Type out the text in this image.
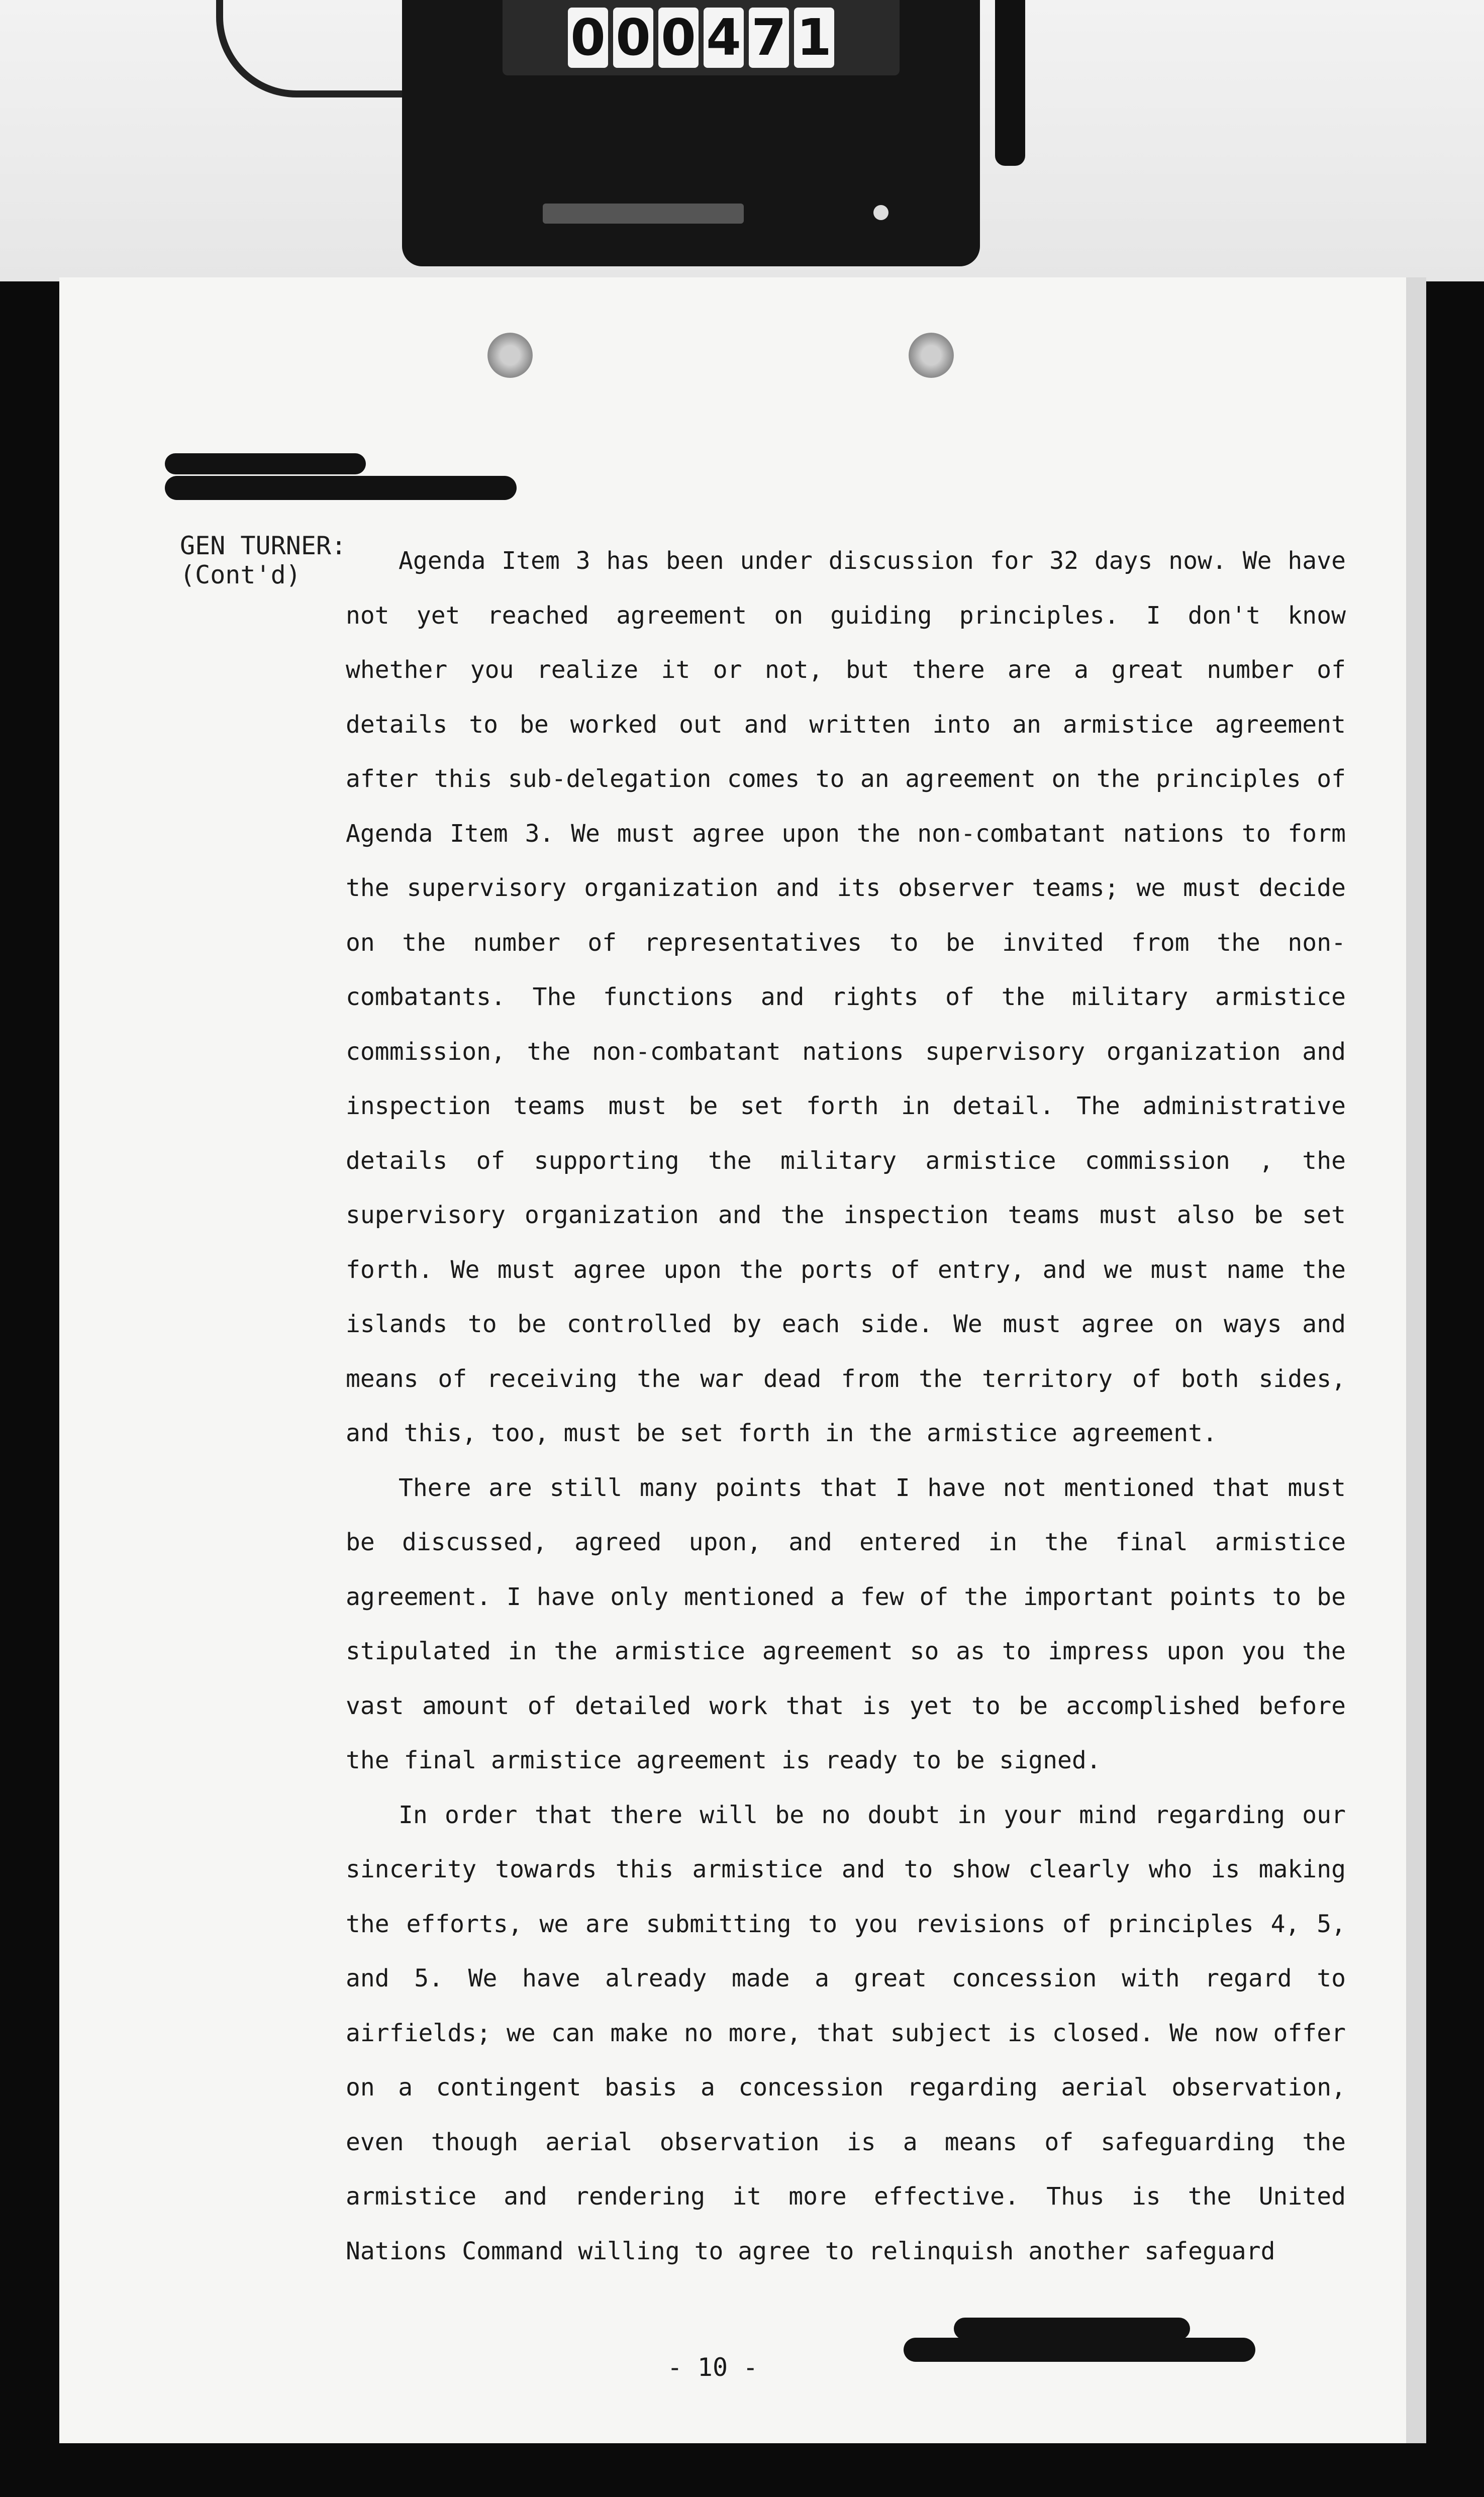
0 0 0 4 7 1
GEN TURNER:
(Cont'd)	Agenda Item 3 has been under discussion for 32 days now. We have not yet reached agreement on guiding principles. I don't know whether you realize it or not, but there are a great number of details to be worked out and written into an armistice agreement after this sub-delegation comes to an agreement on the principles of Agenda Item 3. We must agree upon the non-combatant nations to form the supervisory organization and its observer teams; we must decide on the number of representatives to be invited from the non-combatants. The functions and rights of the military armistice commission, the non-combatant nations supervisory organization and inspection teams must be set forth in detail. The administrative details of supporting the military armistice commission , the supervisory organization and the inspection teams must also be set forth. We must agree upon the ports of entry, and we must name the islands to be controlled by each side. We must agree on ways and means of receiving the war dead from the territory of both sides, and this, too, must be set forth in the armistice agreement.

There are still many points that I have not mentioned that must be discussed, agreed upon, and entered in the final armistice agreement. I have only mentioned a few of the important points to be stipulated in the armistice agreement so as to impress upon you the vast amount of detailed work that is yet to be accomplished before the final armistice agreement is ready to be signed.

In order that there will be no doubt in your mind regarding our sincerity towards this armistice and to show clearly who is making the efforts, we are submitting to you revisions of principles 4, 5, and 5. We have already made a great concession with regard to airfields; we can make no more, that subject is closed. We now offer on a contingent basis a concession regarding aerial observation, even though aerial observation is a means of safeguarding the armistice and rendering it more effective. Thus is the United Nations Command willing to agree to relinquish another safeguard

- 10 -
